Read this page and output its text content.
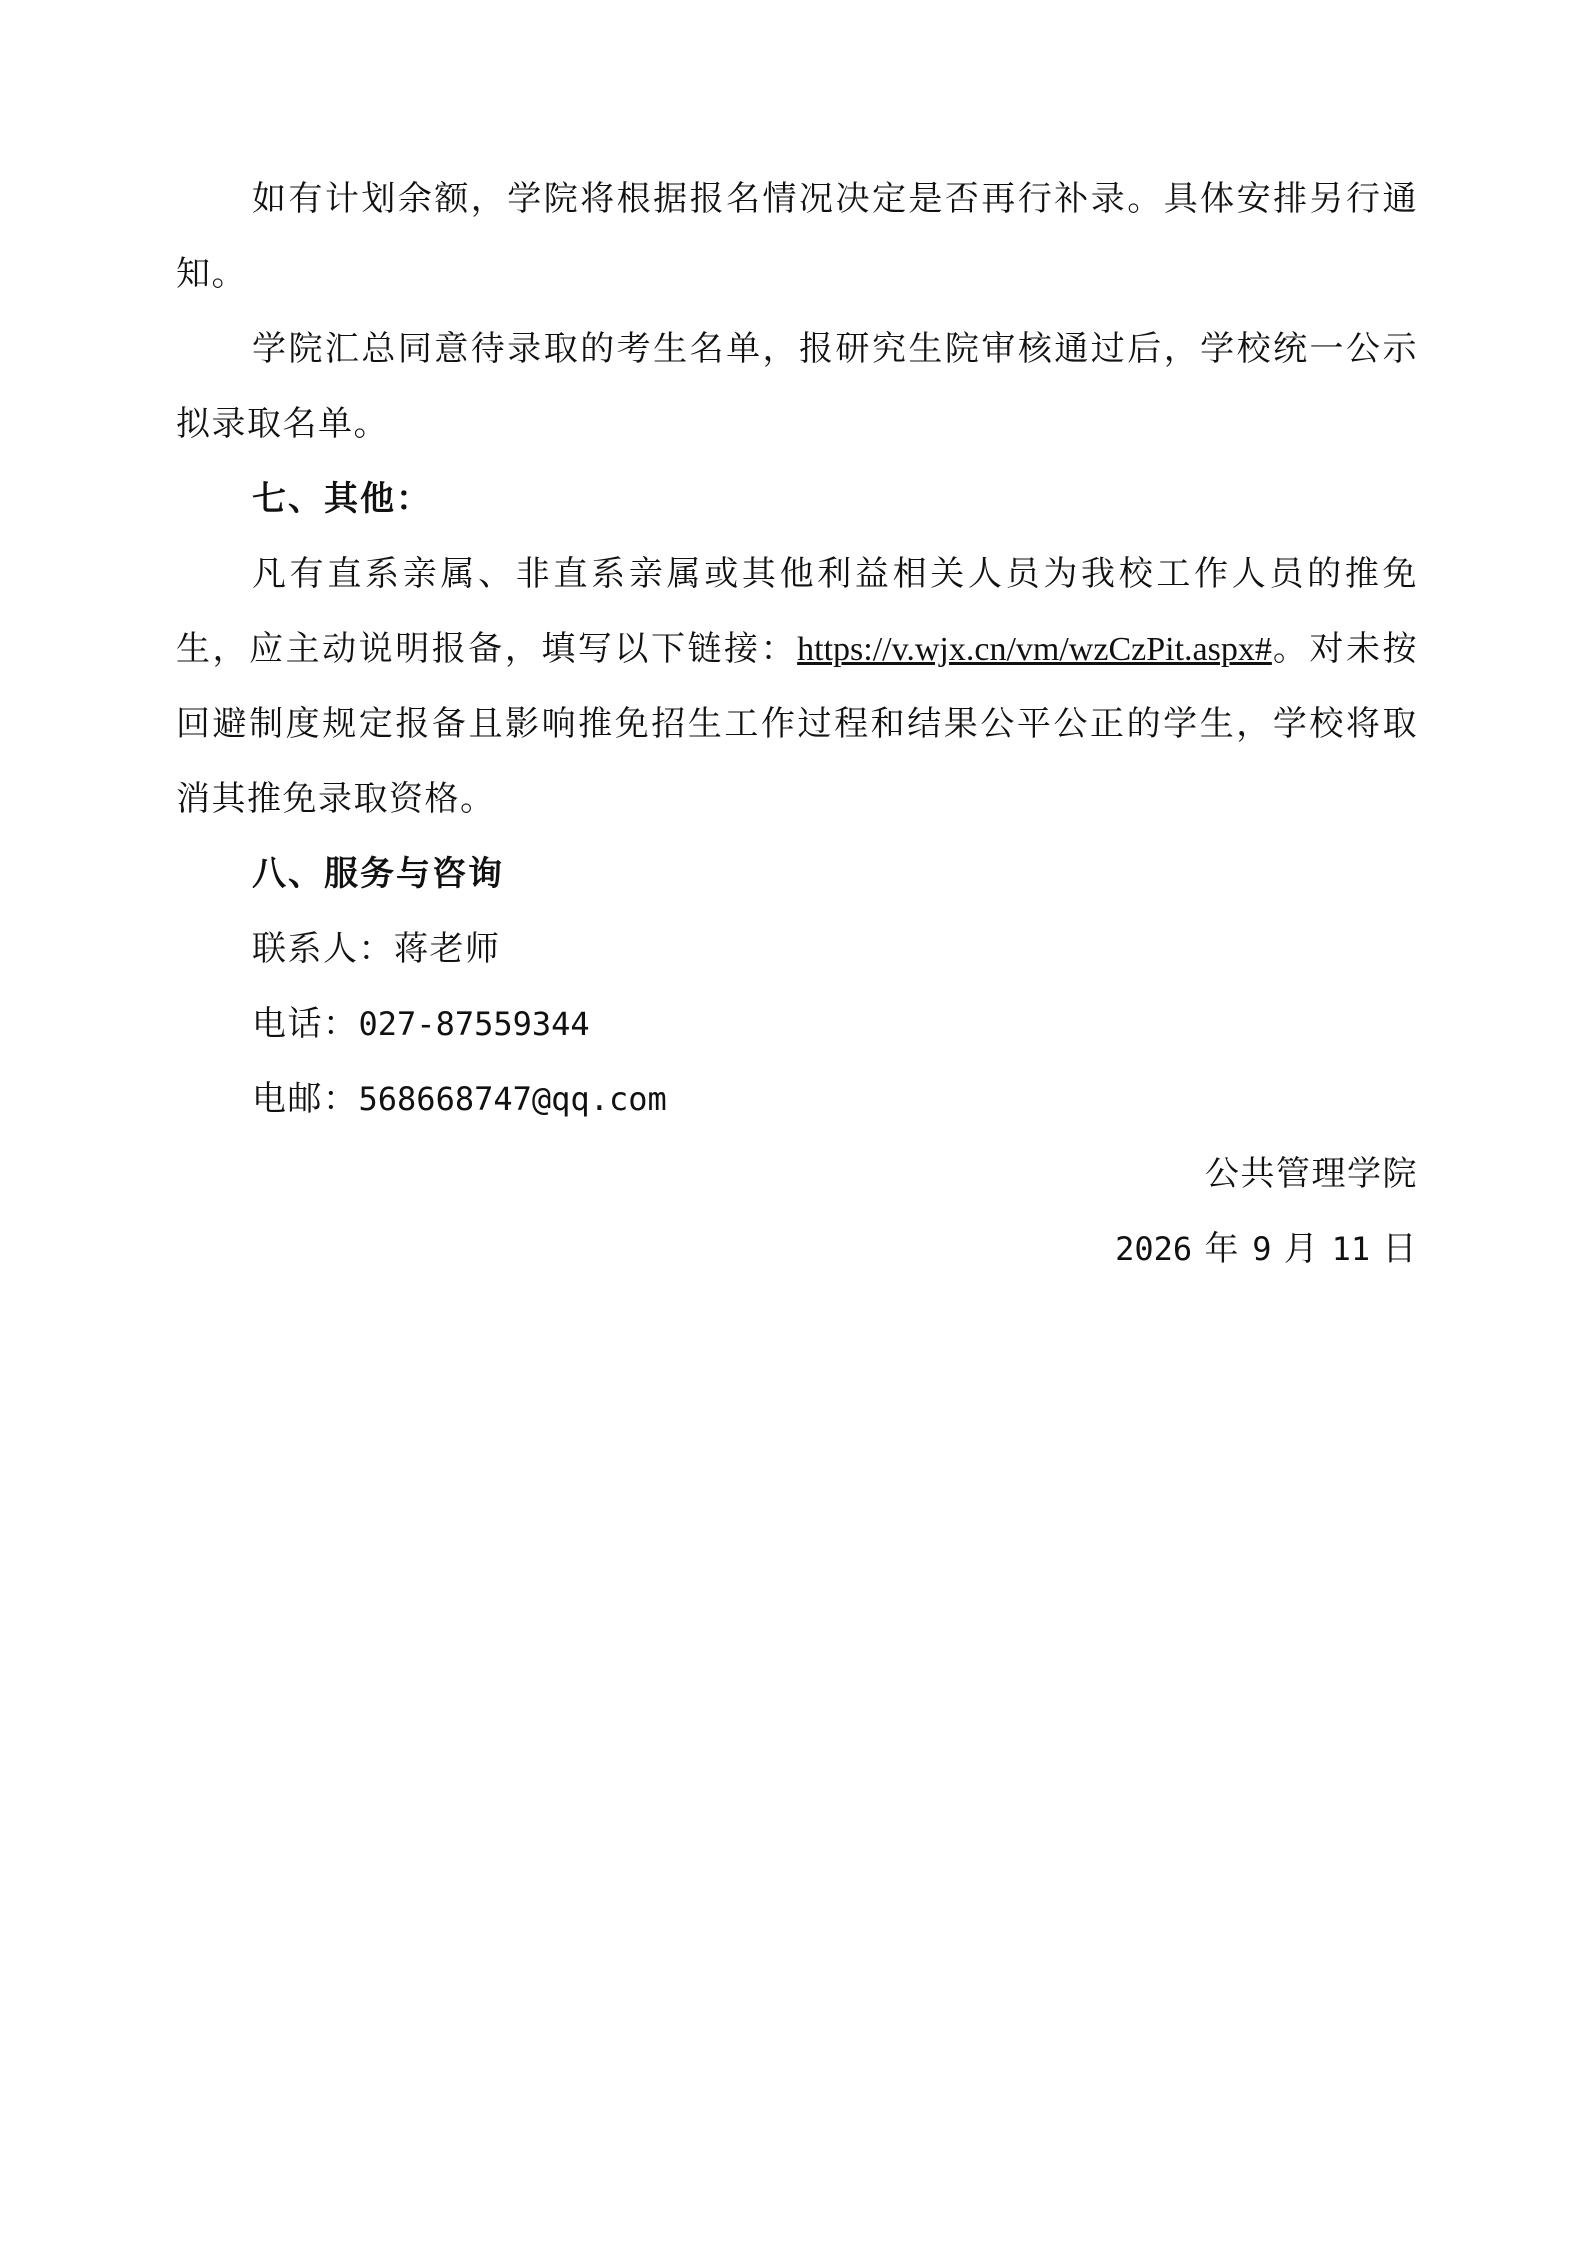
如有计划余额，学院将根据报名情况决定是否再行补录。具体安排另行通知。

学院汇总同意待录取的考生名单，报研究生院审核通过后，学校统一公示拟录取名单。

七、其他：

凡有直系亲属、非直系亲属或其他利益相关人员为我校工作人员的推免生，应主动说明报备，填写以下链接：https://v.wjx.cn/vm/wzCzPit.aspx#。对未按回避制度规定报备且影响推免招生工作过程和结果公平公正的学生，学校将取消其推免录取资格。

八、服务与咨询

联系人：蒋老师

电话：027-87559344

电邮：568668747@qq.com

公共管理学院

2026 年 9 月 11 日
